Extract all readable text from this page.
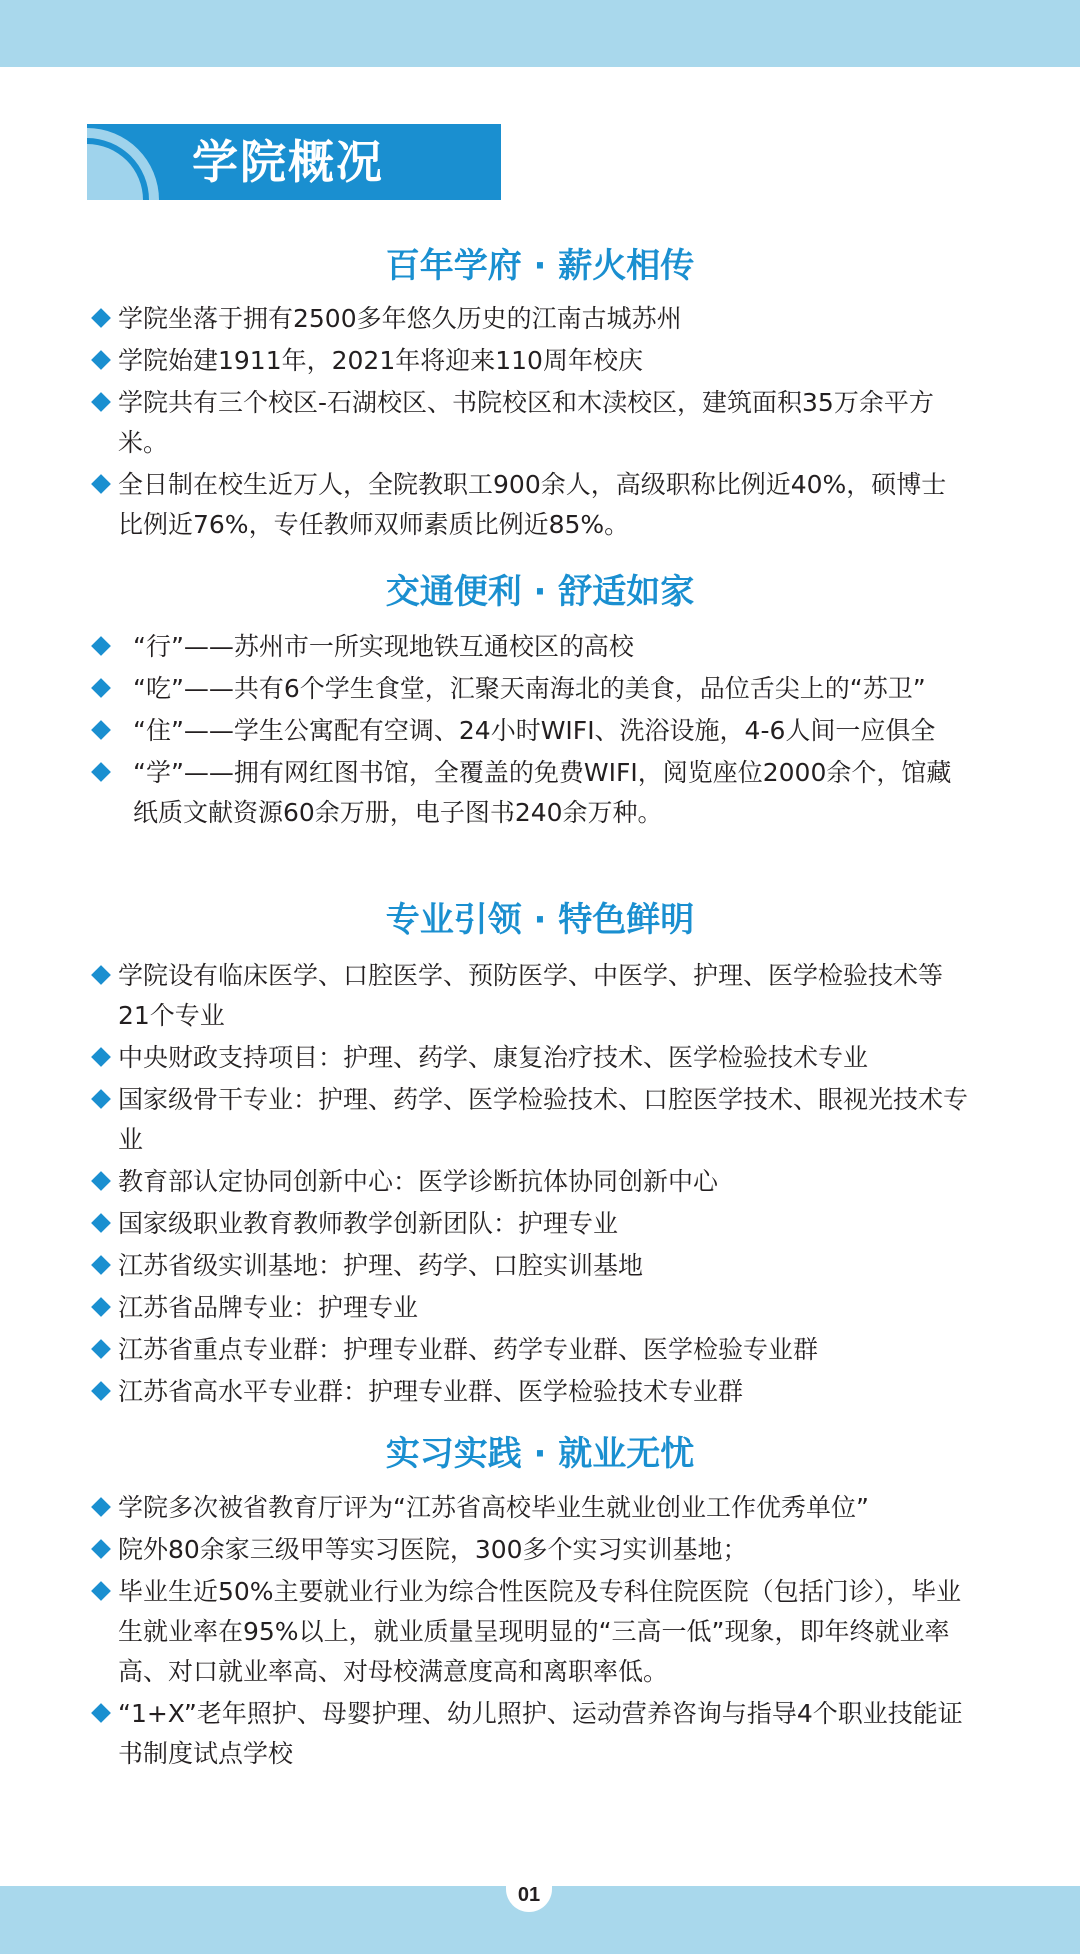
学院概况
百年学府 · 薪火相传
学院坐落于拥有2500多年悠久历史的江南古城苏州
学院始建1911年，2021年将迎来110周年校庆
学院共有三个校区-石湖校区、书院校区和木渎校区，建筑面积35万余平方米。
全日制在校生近万人，全院教职工900余人，高级职称比例近40%，硕博士比例近76%，专任教师双师素质比例近85%。
交通便利 · 舒适如家
“行”——苏州市一所实现地铁互通校区的高校
“吃”——共有6个学生食堂，汇聚天南海北的美食，品位舌尖上的“苏卫”
“住”——学生公寓配有空调、24小时WIFI、洗浴设施，4-6人间一应俱全
“学”——拥有网红图书馆，全覆盖的免费WIFI，阅览座位2000余个，馆藏纸质文献资源60余万册，电子图书240余万种。
专业引领 · 特色鲜明
学院设有临床医学、口腔医学、预防医学、中医学、护理、医学检验技术等21个专业
中央财政支持项目：护理、药学、康复治疗技术、医学检验技术专业
国家级骨干专业：护理、药学、医学检验技术、口腔医学技术、眼视光技术专业
教育部认定协同创新中心：医学诊断抗体协同创新中心
国家级职业教育教师教学创新团队：护理专业
江苏省级实训基地：护理、药学、口腔实训基地
江苏省品牌专业：护理专业
江苏省重点专业群：护理专业群、药学专业群、医学检验专业群
江苏省高水平专业群：护理专业群、医学检验技术专业群
实习实践 · 就业无忧
学院多次被省教育厅评为“江苏省高校毕业生就业创业工作优秀单位”
院外80余家三级甲等实习医院，300多个实习实训基地；
毕业生近50%主要就业行业为综合性医院及专科住院医院（包括门诊），毕业生就业率在95%以上，就业质量呈现明显的“三高一低”现象，即年终就业率高、对口就业率高、对母校满意度高和离职率低。
“1+X”老年照护、母婴护理、幼儿照护、运动营养咨询与指导4个职业技能证书制度试点学校
01
